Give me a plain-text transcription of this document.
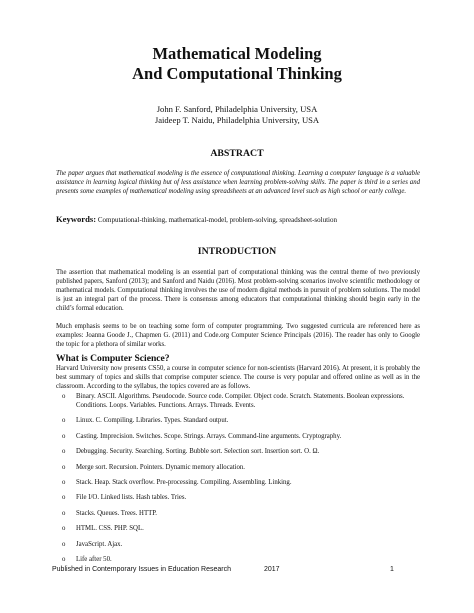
Mathematical Modeling
And Computational Thinking
John F. Sanford, Philadelphia University, USA
Jaideep T. Naidu, Philadelphia University, USA
ABSTRACT
The paper argues that mathematical modeling is the essence of computational thinking. Learning a computer language is a valuable assistance in learning logical thinking but of less assistance when learning problem-solving skills. The paper is third in a series and presents some examples of mathematical modeling using spreadsheets at an advanced level such as high school or early college.
Keywords: Computational-thinking, mathematical-model, problem-solving, spreadsheet-solution
INTRODUCTION
The assertion that mathematical modeling is an essential part of computational thinking was the central theme of two previously published papers, Sanford (2013); and Sanford and Naidu (2016). Most problem-solving scenarios involve scientific methodology or mathematical models. Computational thinking involves the use of modern digital methods in pursuit of problem solutions. The model is just an integral part of the process. There is consensus among educators that computational thinking should begin early in the child’s formal education.
Much emphasis seems to be on teaching some form of computer programming. Two suggested curricula are referenced here as examples: Joanna Goode J., Chapmen G. (2011) and Code.org Computer Science Principals (2016). The reader has only to Google the topic for a plethora of similar works.
What is Computer Science?
Harvard University now presents CS50, a course in computer science for non-scientists (Harvard 2016). At present, it is probably the best summary of topics and skills that comprise computer science. The course is very popular and offered online as well as in the classroom. According to the syllabus, the topics covered are as follows.
o Binary. ASCII. Algorithms. Pseudocode. Source code. Compiler. Object code. Scratch. Statements. Boolean expressions. Conditions. Loops. Variables. Functions. Arrays. Threads. Events.
o Linux. C. Compiling. Libraries. Types. Standard output.
o Casting. Imprecision. Switches. Scope. Strings. Arrays. Command-line arguments. Cryptography.
o Debugging. Security. Searching. Sorting. Bubble sort. Selection sort. Insertion sort. O. Ω.
o Merge sort. Recursion. Pointers. Dynamic memory allocation.
o Stack. Heap. Stack overflow. Pre-processing. Compiling. Assembling. Linking.
o File I/O. Linked lists. Hash tables. Tries.
o Stacks. Queues. Trees. HTTP.
o HTML. CSS. PHP. SQL.
o JavaScript. Ajax.
o Life after 50.
Published in Contemporary Issues in Education Research	2017	1
